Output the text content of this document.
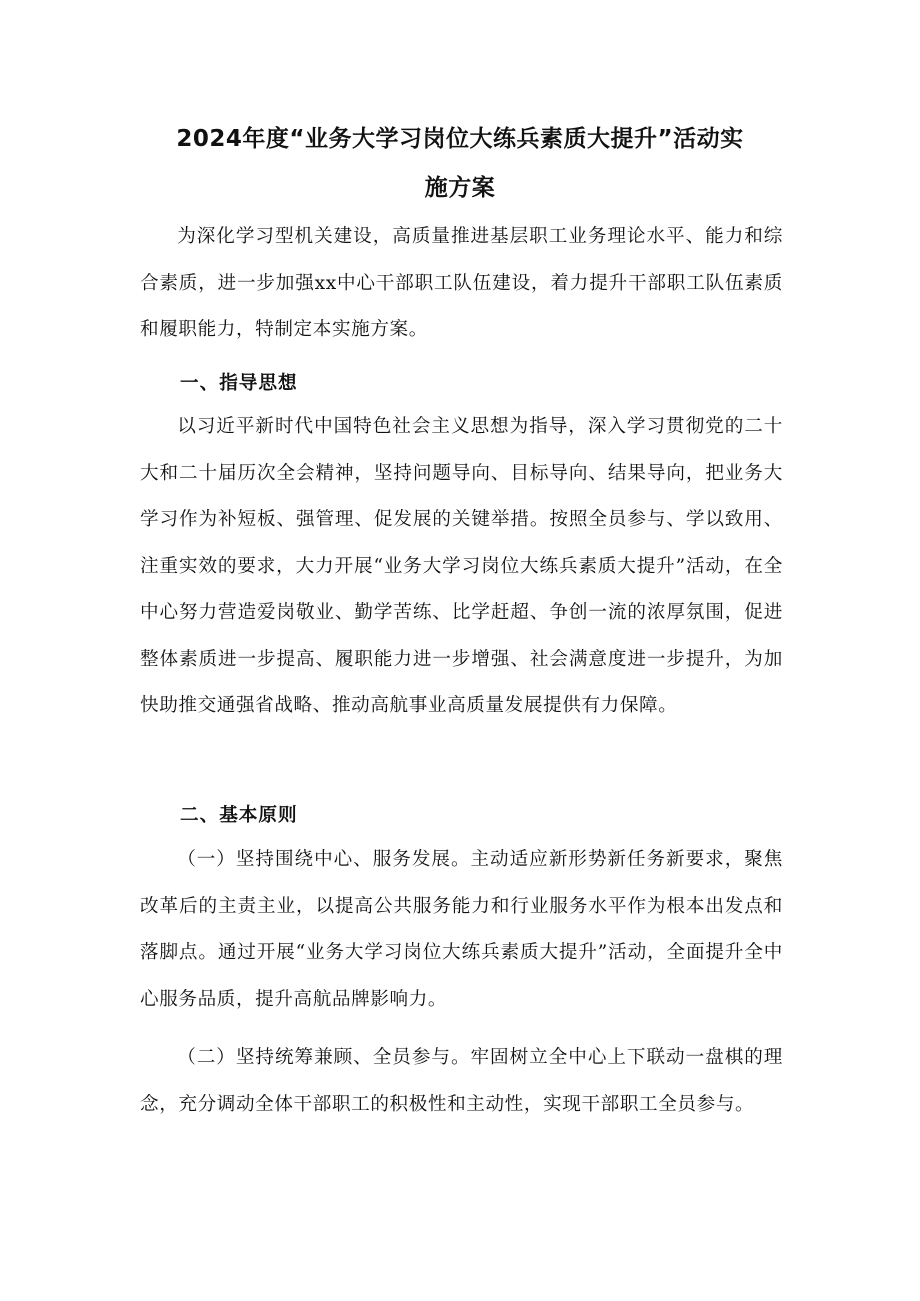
2024年度“业务大学习岗位大练兵素质大提升”活动实
施方案

为深化学习型机关建设，高质量推进基层职工业务理论水平、能力和综合素质，进一步加强xx中心干部职工队伍建设，着力提升干部职工队伍素质和履职能力，特制定本实施方案。

一、指导思想

以习近平新时代中国特色社会主义思想为指导，深入学习贯彻党的二十大和二十届历次全会精神，坚持问题导向、目标导向、结果导向，把业务大学习作为补短板、强管理、促发展的关键举措。按照全员参与、学以致用、注重实效的要求，大力开展“业务大学习岗位大练兵素质大提升”活动，在全中心努力营造爱岗敬业、勤学苦练、比学赶超、争创一流的浓厚氛围，促进整体素质进一步提高、履职能力进一步增强、社会满意度进一步提升，为加快助推交通强省战略、推动高航事业高质量发展提供有力保障。

二、基本原则

（一）坚持围绕中心、服务发展。主动适应新形势新任务新要求，聚焦改革后的主责主业，以提高公共服务能力和行业服务水平作为根本出发点和落脚点。通过开展“业务大学习岗位大练兵素质大提升”活动，全面提升全中心服务品质，提升高航品牌影响力。

（二）坚持统筹兼顾、全员参与。牢固树立全中心上下联动一盘棋的理念，充分调动全体干部职工的积极性和主动性，实现干部职工全员参与。
